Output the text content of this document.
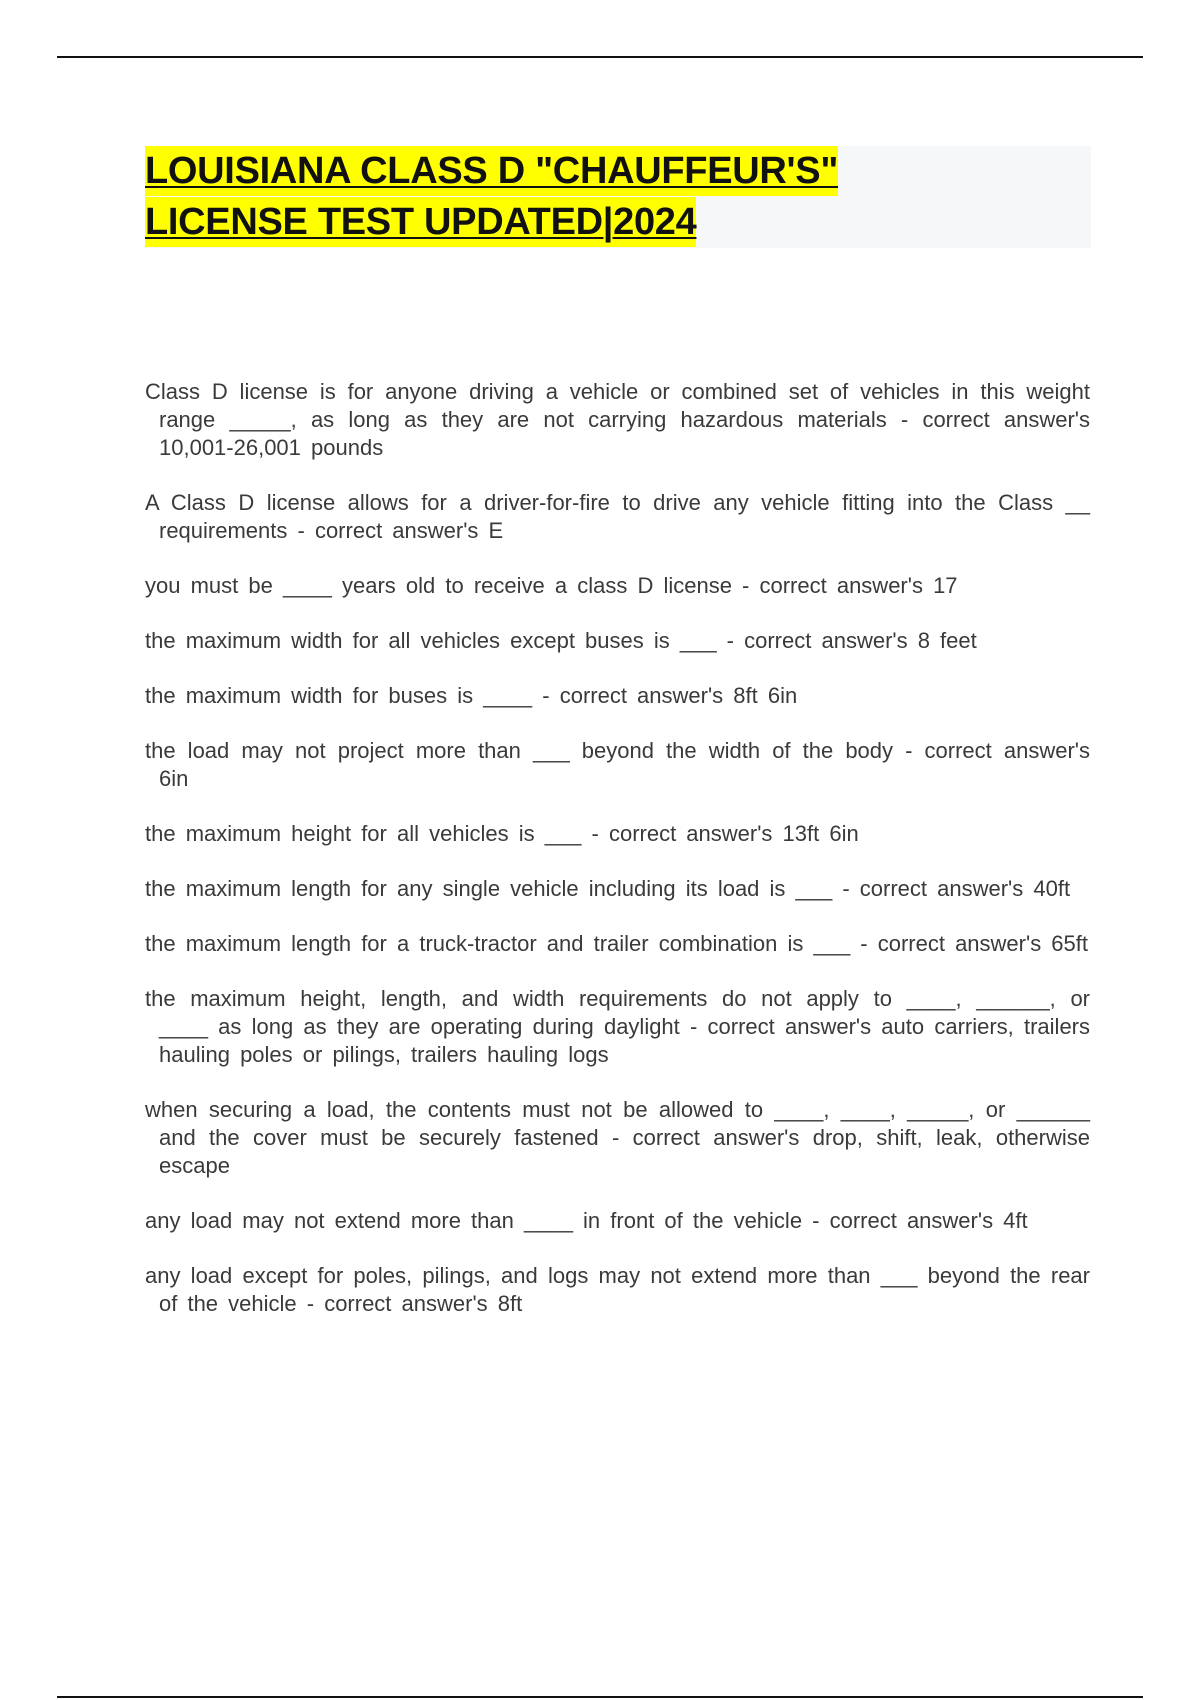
LOUISIANA CLASS D "CHAUFFEUR'S"
LICENSE TEST UPDATED|2024

Class D license is for anyone driving a vehicle or combined set of vehicles in this weight range _____, as long as they are not carrying hazardous materials - correct answer's 10,001-26,001 pounds

A Class D license allows for a driver-for-fire to drive any vehicle fitting into the Class __ requirements - correct answer's E

you must be ____ years old to receive a class D license - correct answer's 17

the maximum width for all vehicles except buses is ___ - correct answer's 8 feet

the maximum width for buses is ____ - correct answer's 8ft 6in

the load may not project more than ___ beyond the width of the body - correct answer's 6in

the maximum height for all vehicles is ___ - correct answer's 13ft 6in

the maximum length for any single vehicle including its load is ___ - correct answer's 40ft

the maximum length for a truck-tractor and trailer combination is ___ - correct answer's 65ft

the maximum height, length, and width requirements do not apply to ____, ______, or ____ as long as they are operating during daylight - correct answer's auto carriers, trailers hauling poles or pilings, trailers hauling logs

when securing a load, the contents must not be allowed to ____, ____, _____, or ______ and the cover must be securely fastened - correct answer's drop, shift, leak, otherwise escape

any load may not extend more than ____ in front of the vehicle - correct answer's 4ft

any load except for poles, pilings, and logs may not extend more than ___ beyond the rear of the vehicle - correct answer's 8ft
